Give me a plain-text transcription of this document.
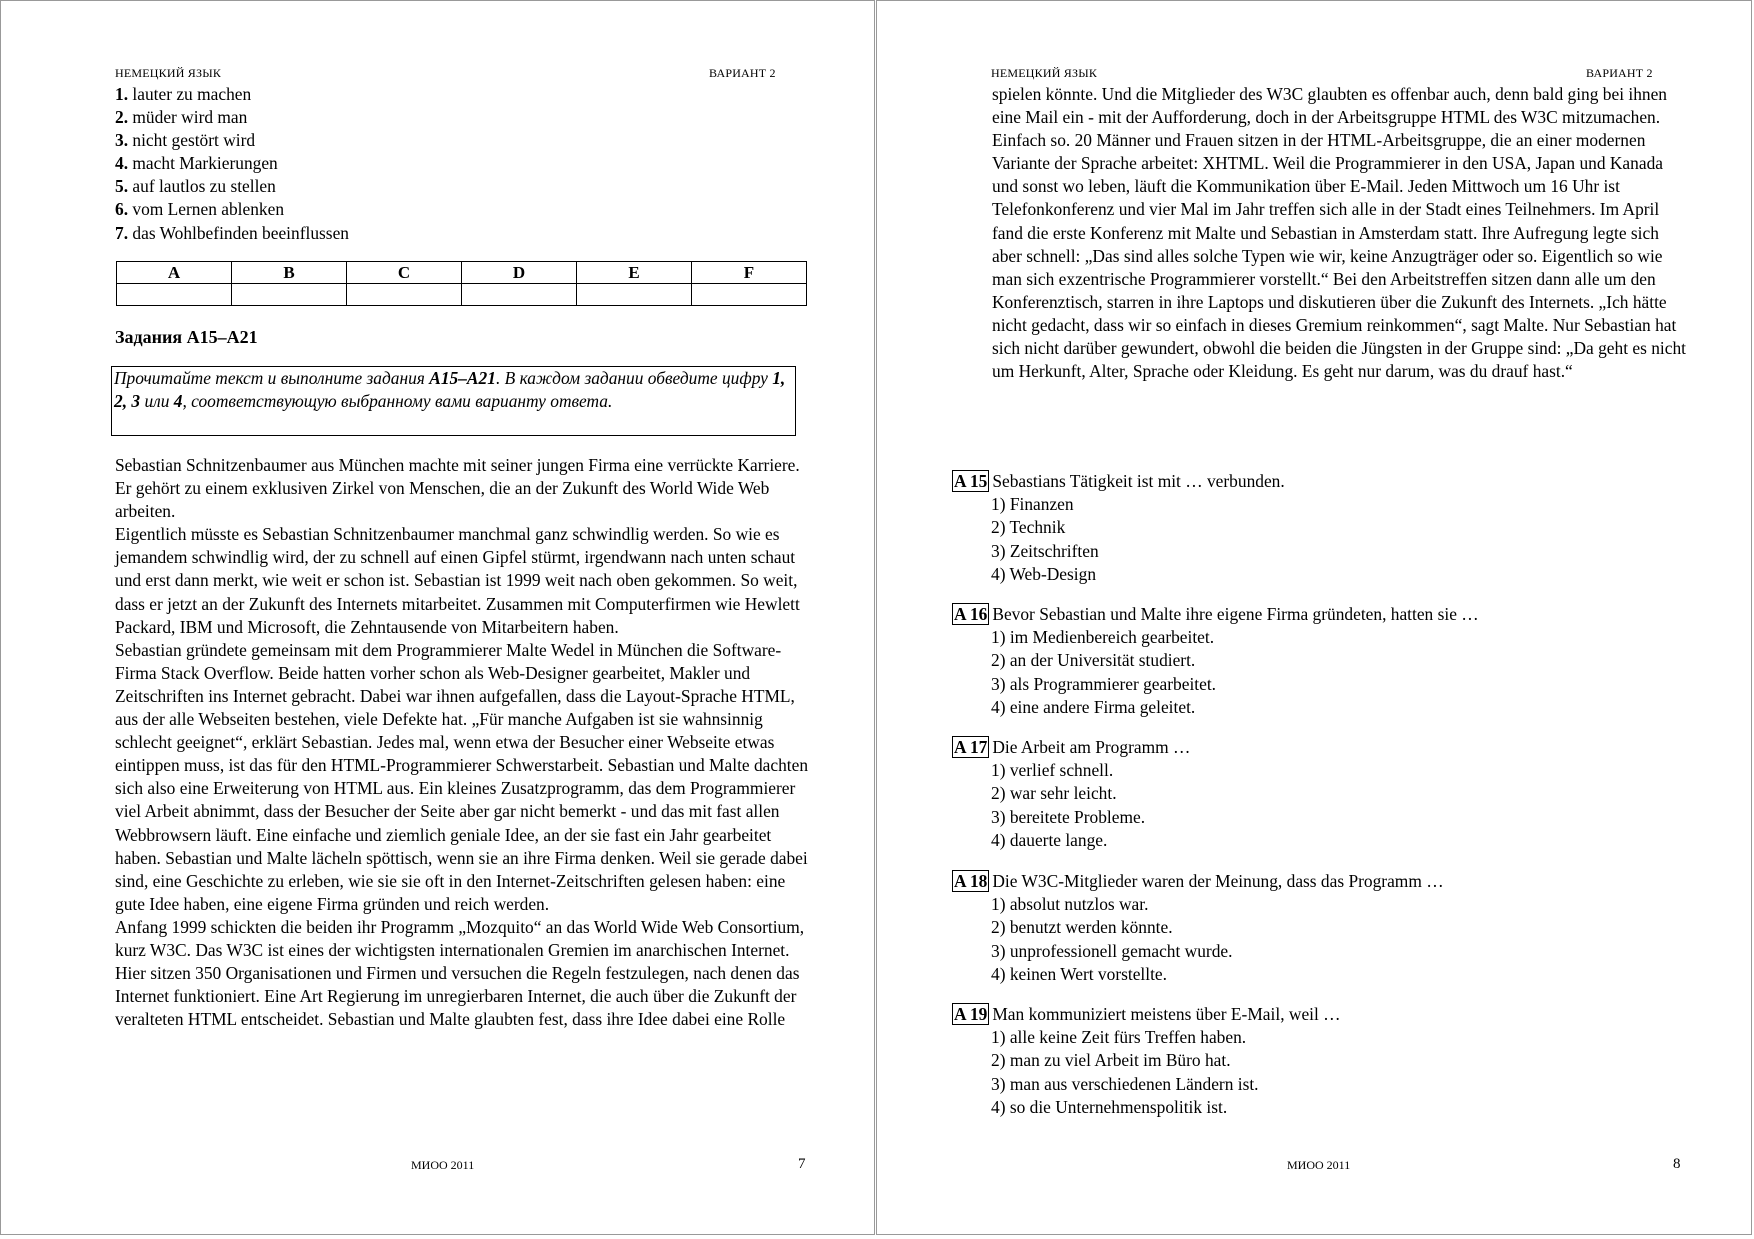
НЕМЕЦКИЙ ЯЗЫК	ВАРИАНТ 2
1. lauter zu machen
2. müder wird man
3. nicht gestört wird
4. macht Markierungen
5. auf lautlos zu stellen
6. vom Lernen ablenken
7. das Wohlbefinden beeinflussen
A	B	C	D	E	F

Задания A15–A21
Прочитайте текст и выполните задания A15–A21. В каждом задании обведите цифру 1, 2, 3 или 4, соответствующую выбранному вами варианту ответа.

Sebastian Schnitzenbaumer aus München machte mit seiner jungen Firma eine verrückte Karriere. Er gehört zu einem exklusiven Zirkel von Menschen, die an der Zukunft des World Wide Web arbeiten.

Eigentlich müsste es Sebastian Schnitzenbaumer manchmal ganz schwindlig werden. So wie es jemandem schwindlig wird, der zu schnell auf einen Gipfel stürmt, irgendwann nach unten schaut und erst dann merkt, wie weit er schon ist. Sebastian ist 1999 weit nach oben gekommen. So weit, dass er jetzt an der Zukunft des Internets mitarbeitet. Zusammen mit Computerfirmen wie Hewlett Packard, IBM und Microsoft, die Zehntausende von Mitarbeitern haben.

Sebastian gründete gemeinsam mit dem Programmierer Malte Wedel in München die Software-Firma Stack Overflow. Beide hatten vorher schon als Web-Designer gearbeitet, Makler und Zeitschriften ins Internet gebracht. Dabei war ihnen aufgefallen, dass die Layout-Sprache HTML, aus der alle Webseiten bestehen, viele Defekte hat. „Für manche Aufgaben ist sie wahnsinnig schlecht geeignet“, erklärt Sebastian. Jedes mal, wenn etwa der Besucher einer Webseite etwas eintippen muss, ist das für den HTML-Programmierer Schwerstarbeit. Sebastian und Malte dachten sich also eine Erweiterung von HTML aus. Ein kleines Zusatzprogramm, das dem Programmierer viel Arbeit abnimmt, dass der Besucher der Seite aber gar nicht bemerkt - und das mit fast allen Webbrowsern läuft. Eine einfache und ziemlich geniale Idee, an der sie fast ein Jahr gearbeitet haben. Sebastian und Malte lächeln spöttisch, wenn sie an ihre Firma denken. Weil sie gerade dabei sind, eine Geschichte zu erleben, wie sie sie oft in den Internet-Zeitschriften gelesen haben: eine gute Idee haben, eine eigene Firma gründen und reich werden.

Anfang 1999 schickten die beiden ihr Programm „Mozquito“ an das World Wide Web Consortium, kurz W3C. Das W3C ist eines der wichtigsten internationalen Gremien im anarchischen Internet. Hier sitzen 350 Organisationen und Firmen und versuchen die Regeln festzulegen, nach denen das Internet funktioniert. Eine Art Regierung im unregierbaren Internet, die auch über die Zukunft der veralteten HTML entscheidet. Sebastian und Malte glaubten fest, dass ihre Idee dabei eine Rolle

МИОО 2011	7
НЕМЕЦКИЙ ЯЗЫК	ВАРИАНТ 2

spielen könnte. Und die Mitglieder des W3C glaubten es offenbar auch, denn bald ging bei ihnen eine Mail ein - mit der Aufforderung, doch in der Arbeitsgruppe HTML des W3C mitzumachen. Einfach so. 20 Männer und Frauen sitzen in der HTML-Arbeitsgruppe, die an einer modernen Variante der Sprache arbeitet: XHTML. Weil die Programmierer in den USA, Japan und Kanada und sonst wo leben, läuft die Kommunikation über E-Mail. Jeden Mittwoch um 16 Uhr ist Telefonkonferenz und vier Mal im Jahr treffen sich alle in der Stadt eines Teilnehmers. Im April fand die erste Konferenz mit Malte und Sebastian in Amsterdam statt. Ihre Aufregung legte sich aber schnell: „Das sind alles solche Typen wie wir, keine Anzugträger oder so. Eigentlich so wie man sich exzentrische Programmierer vorstellt.“ Bei den Arbeitstreffen sitzen dann alle um den Konferenztisch, starren in ihre Laptops und diskutieren über die Zukunft des Internets. „Ich hätte nicht gedacht, dass wir so einfach in dieses Gremium reinkommen“, sagt Malte. Nur Sebastian hat sich nicht darüber gewundert, obwohl die beiden die Jüngsten in der Gruppe sind: „Da geht es nicht um Herkunft, Alter, Sprache oder Kleidung. Es geht nur darum, was du drauf hast.“

A 15 Sebastians Tätigkeit ist mit … verbunden.
1) Finanzen
2) Technik
3) Zeitschriften
4) Web-Design
A 16 Bevor Sebastian und Malte ihre eigene Firma gründeten, hatten sie …
1) im Medienbereich gearbeitet.
2) an der Universität studiert.
3) als Programmierer gearbeitet.
4) eine andere Firma geleitet.
A 17 Die Arbeit am Programm …
1) verlief schnell.
2) war sehr leicht.
3) bereitete Probleme.
4) dauerte lange.
A 18 Die W3C-Mitglieder waren der Meinung, dass das Programm …
1) absolut nutzlos war.
2) benutzt werden könnte.
3) unprofessionell gemacht wurde.
4) keinen Wert vorstellte.
A 19 Man kommuniziert meistens über E-Mail, weil …
1) alle keine Zeit fürs Treffen haben.
2) man zu viel Arbeit im Büro hat.
3) man aus verschiedenen Ländern ist.
4) so die Unternehmenspolitik ist.
МИОО 2011	8
